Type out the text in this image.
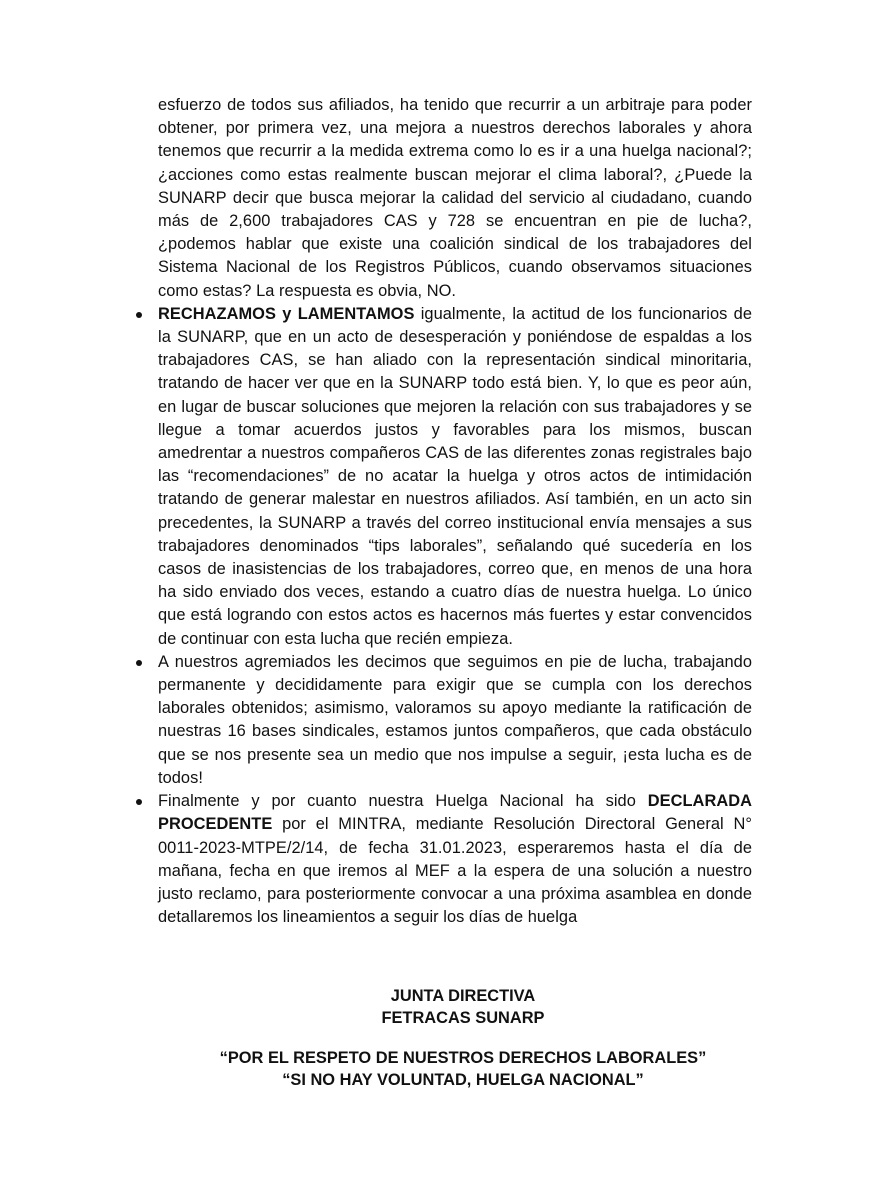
esfuerzo de todos sus afiliados, ha tenido que recurrir a un arbitraje para poder obtener, por primera vez, una mejora a nuestros derechos laborales y ahora tenemos que recurrir a la medida extrema como lo es ir a una huelga nacional?; ¿acciones como estas realmente buscan mejorar el clima laboral?, ¿Puede la SUNARP decir que busca mejorar la calidad del servicio al ciudadano, cuando más de 2,600 trabajadores CAS y 728 se encuentran en pie de lucha?, ¿podemos hablar que existe una coalición sindical de los trabajadores del Sistema Nacional de los Registros Públicos, cuando observamos situaciones como estas? La respuesta es obvia, NO.

RECHAZAMOS y LAMENTAMOS igualmente, la actitud de los funcionarios de la SUNARP, que en un acto de desesperación y poniéndose de espaldas a los trabajadores CAS, se han aliado con la representación sindical minoritaria, tratando de hacer ver que en la SUNARP todo está bien. Y, lo que es peor aún, en lugar de buscar soluciones que mejoren la relación con sus trabajadores y se llegue a tomar acuerdos justos y favorables para los mismos, buscan amedrentar a nuestros compañeros CAS de las diferentes zonas registrales bajo las “recomendaciones” de no acatar la huelga y otros actos de intimidación tratando de generar malestar en nuestros afiliados. Así también, en un acto sin precedentes, la SUNARP a través del correo institucional envía mensajes a sus trabajadores denominados “tips laborales”, señalando qué sucedería en los casos de inasistencias de los trabajadores, correo que, en menos de una hora ha sido enviado dos veces, estando a cuatro días de nuestra huelga. Lo único que está logrando con estos actos es hacernos más fuertes y estar convencidos de continuar con esta lucha que recién empieza.
A nuestros agremiados les decimos que seguimos en pie de lucha, trabajando permanente y decididamente para exigir que se cumpla con los derechos laborales obtenidos; asimismo, valoramos su apoyo mediante la ratificación de nuestras 16 bases sindicales, estamos juntos compañeros, que cada obstáculo que se nos presente sea un medio que nos impulse a seguir, ¡esta lucha es de todos!
Finalmente y por cuanto nuestra Huelga Nacional ha sido DECLARADA PROCEDENTE por el MINTRA, mediante Resolución Directoral General N° 0011-2023-MTPE/2/14, de fecha 31.01.2023, esperaremos hasta el día de mañana, fecha en que iremos al MEF a la espera de una solución a nuestro justo reclamo, para posteriormente convocar a una próxima asamblea en donde detallaremos los lineamientos a seguir los días de huelga
JUNTA DIRECTIVA
FETRACAS SUNARP
“POR EL RESPETO DE NUESTROS DERECHOS LABORALES”
“SI NO HAY VOLUNTAD, HUELGA NACIONAL”
